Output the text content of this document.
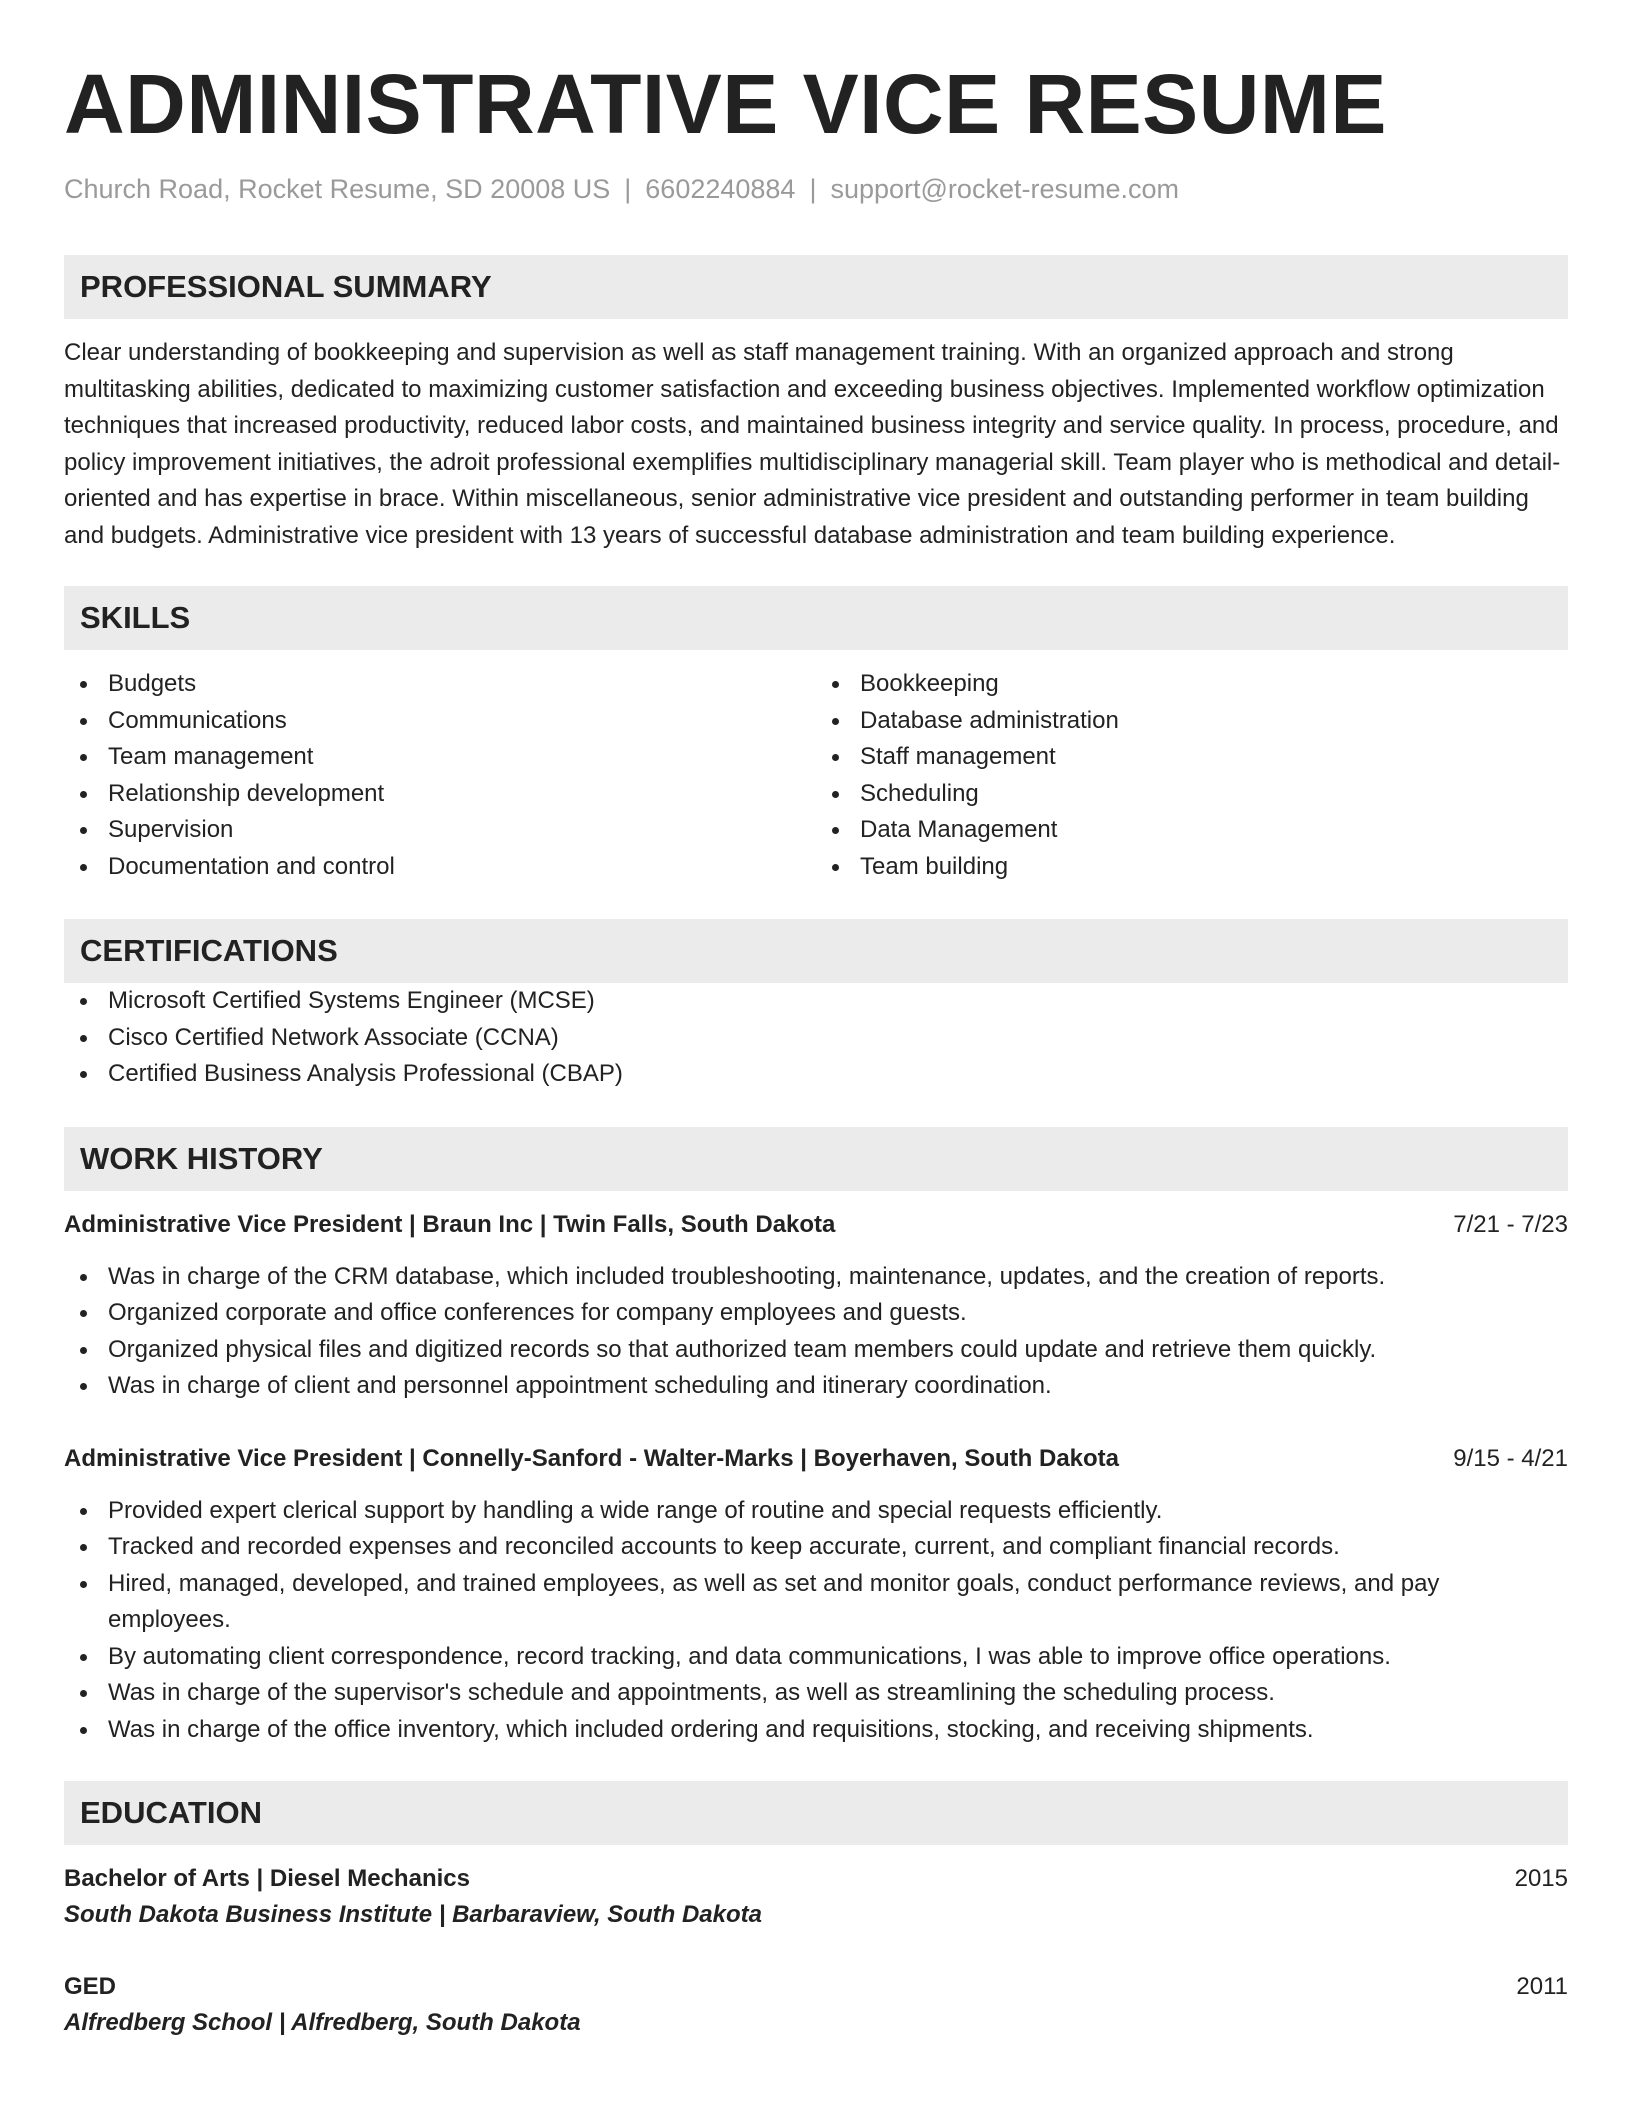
ADMINISTRATIVE VICE RESUME
Church Road, Rocket Resume, SD 20008 US | 6602240884 | support@rocket-resume.com
PROFESSIONAL SUMMARY

Clear understanding of bookkeeping and supervision as well as staff management training. With an organized approach and strong multitasking abilities, dedicated to maximizing customer satisfaction and exceeding business objectives. Implemented workflow optimization techniques that increased productivity, reduced labor costs, and maintained business integrity and service quality. In process, procedure, and policy improvement initiatives, the adroit professional exemplifies multidisciplinary managerial skill. Team player who is methodical and detail-oriented and has expertise in brace. Within miscellaneous, senior administrative vice president and outstanding performer in team building and budgets. Administrative vice president with 13 years of successful database administration and team building experience.

SKILLS
Budgets
Communications
Team management
Relationship development
Supervision
Documentation and control
Bookkeeping
Database administration
Staff management
Scheduling
Data Management
Team building
CERTIFICATIONS
Microsoft Certified Systems Engineer (MCSE)
Cisco Certified Network Associate (CCNA)
Certified Business Analysis Professional (CBAP)
WORK HISTORY
Administrative Vice President | Braun Inc | Twin Falls, South Dakota	7/21 - 7/23
Was in charge of the CRM database, which included troubleshooting, maintenance, updates, and the creation of reports.
Organized corporate and office conferences for company employees and guests.
Organized physical files and digitized records so that authorized team members could update and retrieve them quickly.
Was in charge of client and personnel appointment scheduling and itinerary coordination.
Administrative Vice President | Connelly-Sanford - Walter-Marks | Boyerhaven, South Dakota	9/15 - 4/21
Provided expert clerical support by handling a wide range of routine and special requests efficiently.
Tracked and recorded expenses and reconciled accounts to keep accurate, current, and compliant financial records.
Hired, managed, developed, and trained employees, as well as set and monitor goals, conduct performance reviews, and pay employees.
By automating client correspondence, record tracking, and data communications, I was able to improve office operations.
Was in charge of the supervisor's schedule and appointments, as well as streamlining the scheduling process.
Was in charge of the office inventory, which included ordering and requisitions, stocking, and receiving shipments.
EDUCATION
Bachelor of Arts | Diesel Mechanics	2015
South Dakota Business Institute | Barbaraview, South Dakota
GED	2011
Alfredberg School | Alfredberg, South Dakota
